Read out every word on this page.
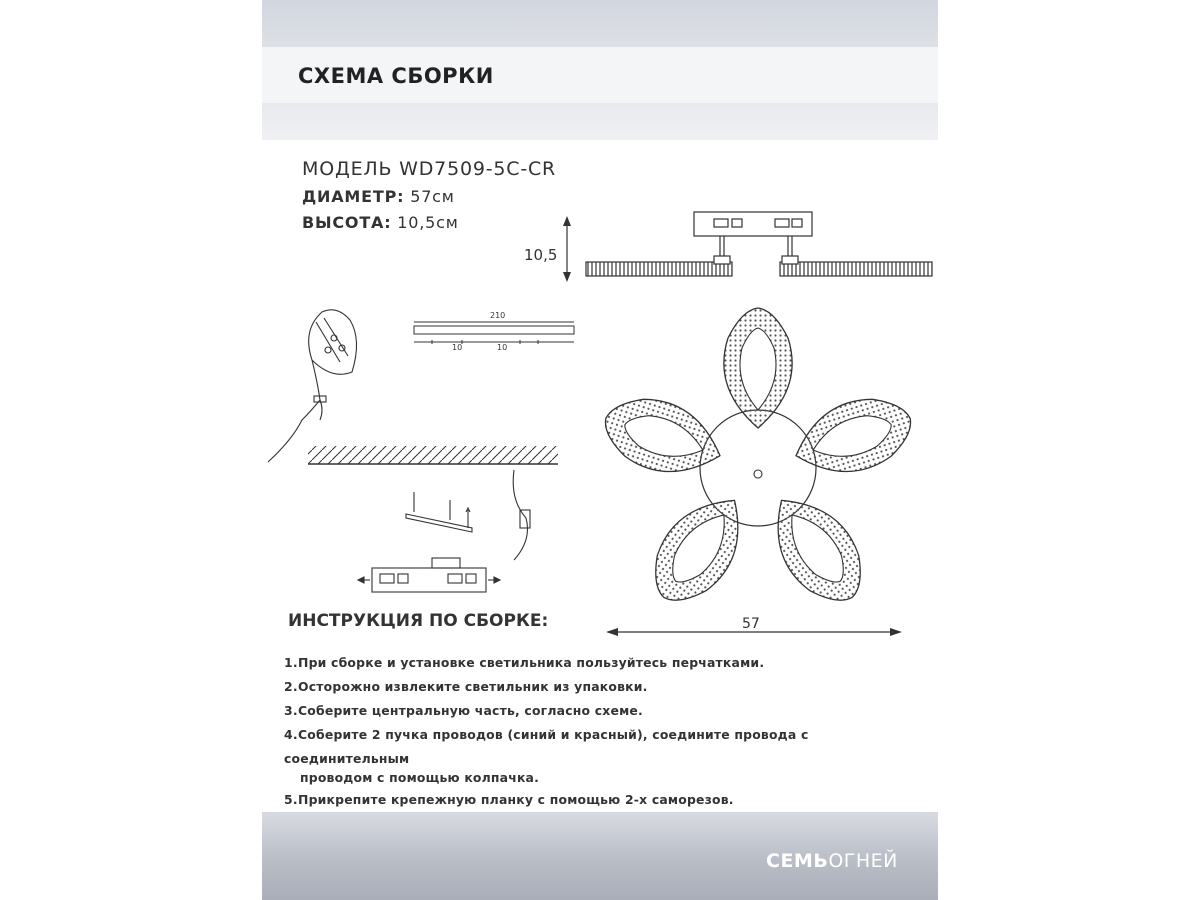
СХЕМА СБОРКИ
МОДЕЛЬ WD7509-5C-CR
ДИАМЕТР: 57см
ВЫСОТА: 10,5см
10,5
210
10	10
57
ИНСТРУКЦИЯ ПО СБОРКЕ:
1.При сборке и установке светильника пользуйтесь перчатками.
2.Осторожно извлеките светильник из упаковки.
3.Соберите центральную часть, согласно схеме.
4.Соберите 2 пучка проводов (синий и красный), соедините провода с соединительным
проводом с помощью колпачка.
5.Прикрепите крепежную планку с помощью 2-х саморезов.
СЕМЬОГНЕЙ
